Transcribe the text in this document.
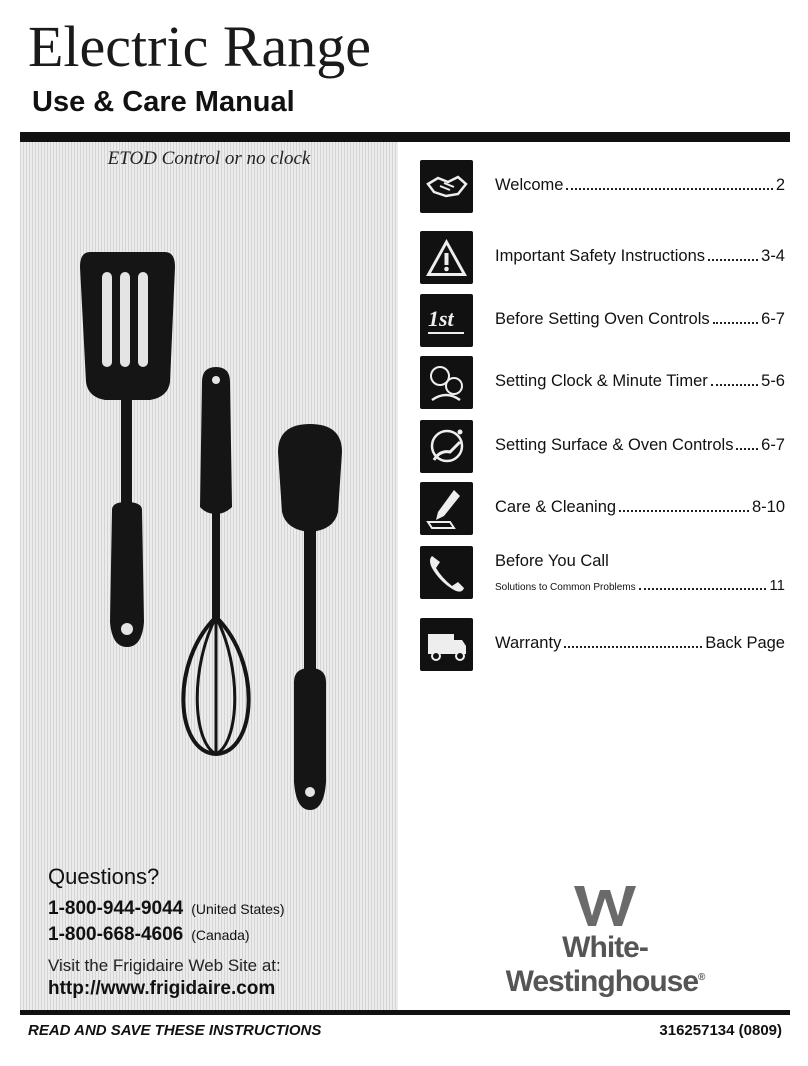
Electric Range
Use & Care Manual
ETOD Control or no clock
Questions?
1-800-944-9044 (United States)
1-800-668-4606 (Canada)
Visit the Frigidaire Web Site at:
http://www.frigidaire.com
Welcome	2
Important Safety Instructions	3-4
1st	Before Setting Oven Controls	6-7
Setting Clock & Minute Timer	5-6
Setting Surface & Oven Controls 6-7
Care & Cleaning	8-10
Before You Call
Solutions to Common Problems	11
Warranty	Back Page
White-Westinghouse®
READ AND SAVE THESE INSTRUCTIONS	316257134 (0809)
